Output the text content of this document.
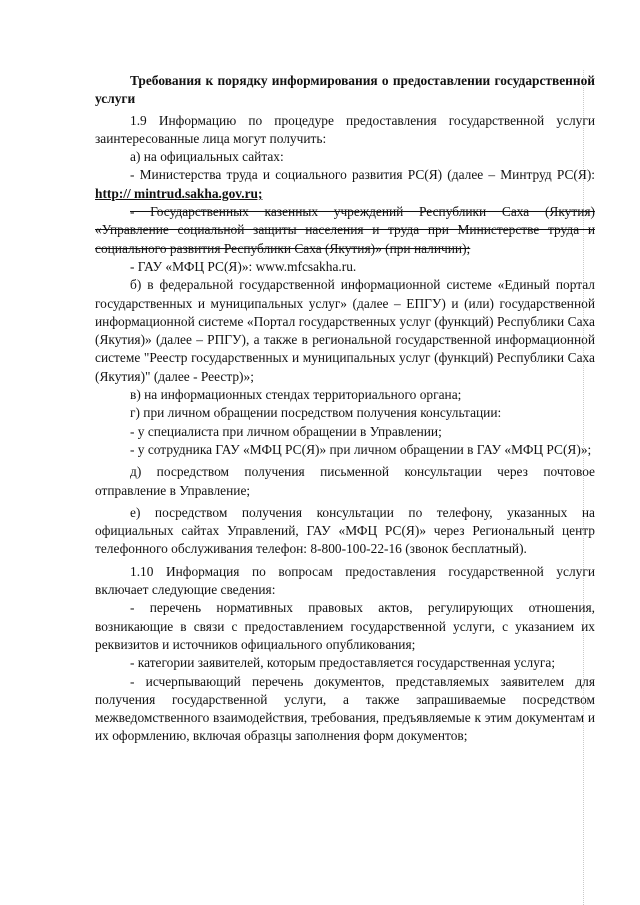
Требования к порядку информирования о предоставлении государственной услуги

1.9 Информацию по процедуре предоставления государственной услуги заинтересованные лица могут получить:

а) на официальных сайтах:

- Министерства труда и социального развития РС(Я) (далее – Минтруд РС(Я): http:// mintrud.sakha.gov.ru;

- Государственных казенных учреждений Республики Саха (Якутия) «Управление социальной защиты населения и труда при Министерстве труда и социального развития Республики Саха (Якутия)» (при наличии);

- ГАУ «МФЦ РС(Я)»: www.mfcsakha.ru.

б) в федеральной государственной информационной системе «Единый портал государственных и муниципальных услуг» (далее – ЕПГУ) и (или) государственной информационной системе «Портал государственных услуг (функций) Республики Саха (Якутия)» (далее – РПГУ), а также в региональной государственной информационной системе "Реестр государственных и муниципальных услуг (функций) Республики Саха (Якутия)" (далее - Реестр)»;

в) на информационных стендах территориального органа;

г) при личном обращении посредством получения консультации:

- у специалиста при личном обращении в Управлении;

- у сотрудника ГАУ «МФЦ РС(Я)» при личном обращении в ГАУ «МФЦ РС(Я)»;

д) посредством получения письменной консультации через почтовое отправление в Управление;

е) посредством получения консультации по телефону, указанных на официальных сайтах Управлений, ГАУ «МФЦ РС(Я)» через Региональный центр телефонного обслуживания телефон: 8-800-100-22-16 (звонок бесплатный).

1.10 Информация по вопросам предоставления государственной услуги включает следующие сведения:

- перечень нормативных правовых актов, регулирующих отношения, возникающие в связи с предоставлением государственной услуги, с указанием их реквизитов и источников официального опубликования;

- категории заявителей, которым предоставляется государственная услуга;

- исчерпывающий перечень документов, представляемых заявителем для получения государственной услуги, а также запрашиваемые посредством межведомственного взаимодействия, требования, предъявляемые к этим документам и их оформлению, включая образцы заполнения форм документов;
